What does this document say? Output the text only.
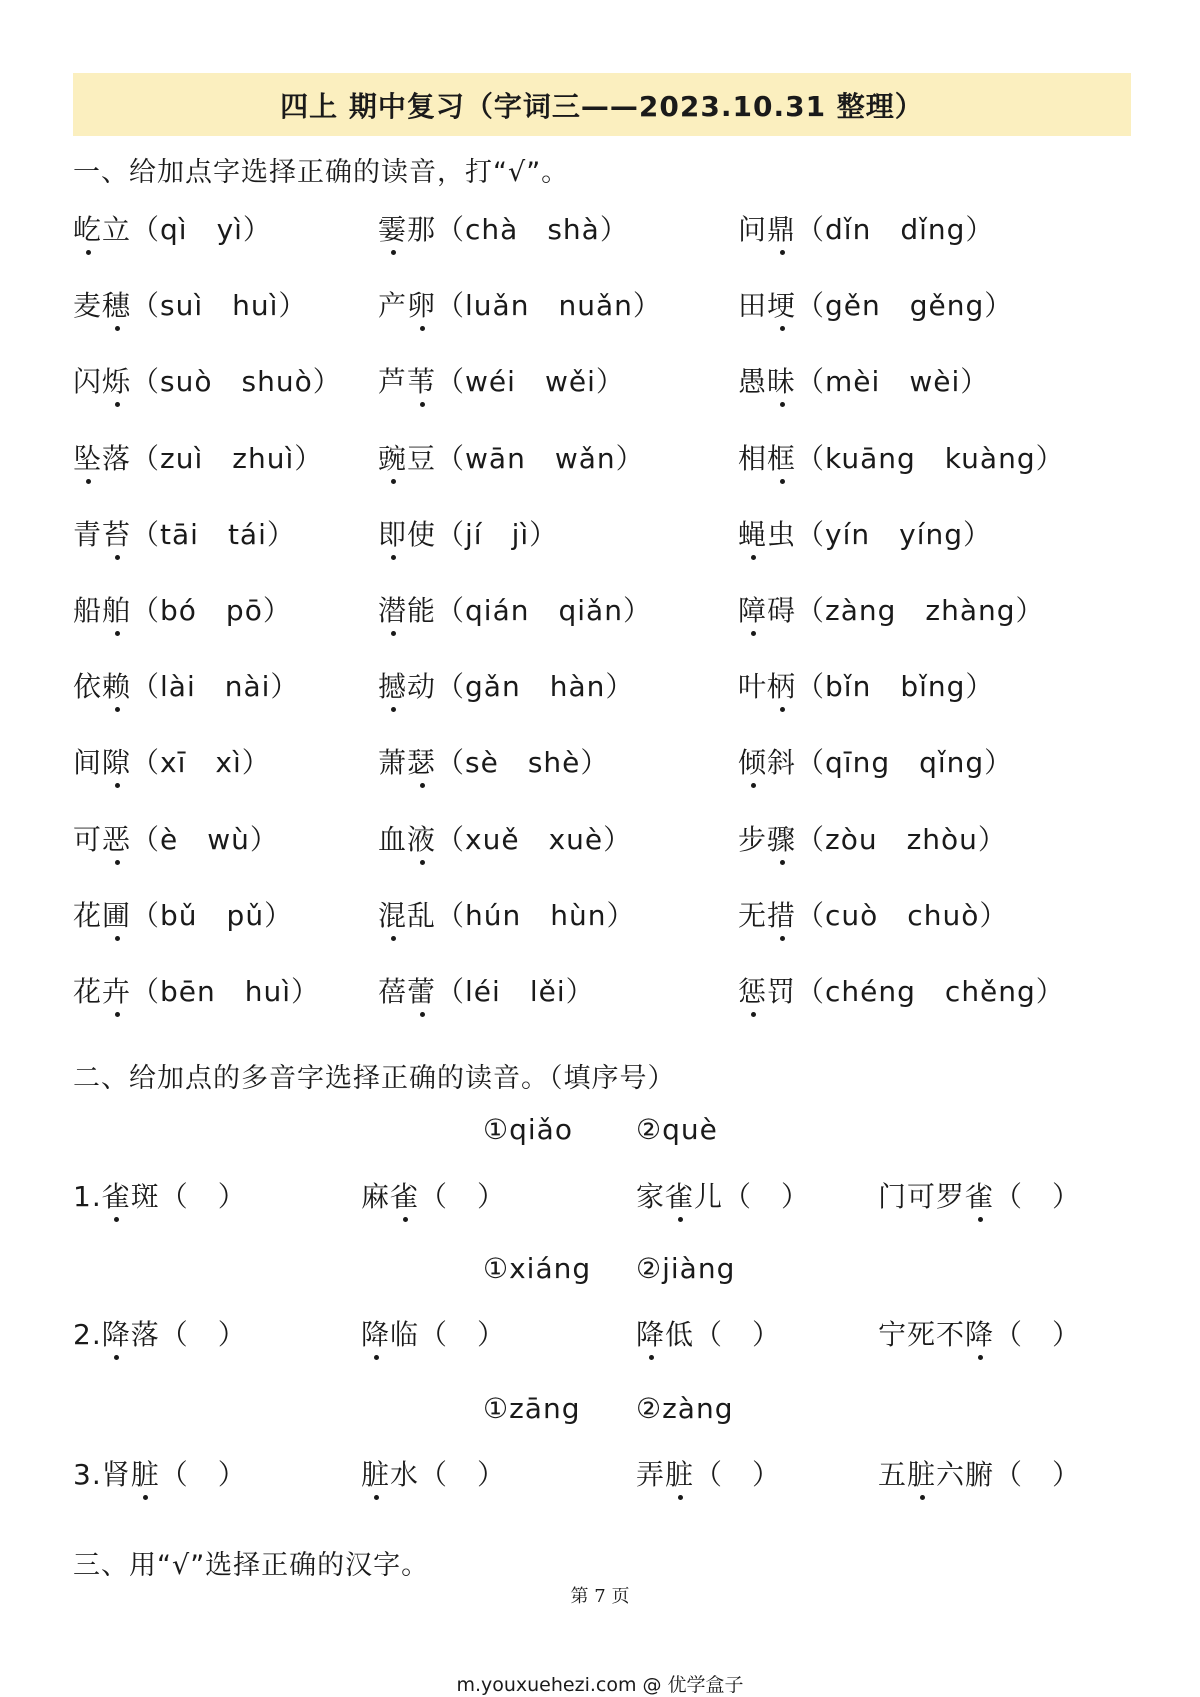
四上 期中复习（字词三——2023.10.31 整理）
一、给加点字选择正确的读音，打“√”。
屹立（qì　yì）	霎那（chà　shà）	问鼎（dǐn　dǐng）
麦穗（suì　huì）	产卵（luǎn　nuǎn）	田埂（gěn　gěng）
闪烁（suò　shuò） 芦苇（wéi　wěi）	愚昧（mèi　wèi）
坠落（zuì　zhuì） 豌豆（wān　wǎn）	相框（kuāng　kuàng）
青苔（tāi　tái）	即使（jí　jì）	蝇虫（yín　yíng）
船舶（bó　pō）	潜能（qián　qiǎn）	障碍（zàng　zhàng）
依赖（lài　nài）	撼动（gǎn　hàn）	叶柄（bǐn　bǐng）
间隙（xī　xì）	萧瑟（sè　shè）	倾斜（qīng　qǐng）
可恶（è　wù）	血液（xuě　xuè）	步骤（zòu　zhòu）
花圃（bǔ　pǔ）	混乱（hún　hùn）	无措（cuò　chuò）
花卉（bēn　huì） 蓓蕾（léi　lěi）	惩罚（chéng　chěng）
二、给加点的多音字选择正确的读音。（填序号）
①qiǎo ②què
1.雀斑（　）	麻雀（　）	家雀儿（　） 门可罗雀（　）
①xiáng ②jiàng
2.降落（　）	降临（　）	降低（　）	宁死不降（　）
①zāng ②zàng
3.肾脏（　）	脏水（　）	弄脏（　）	五脏六腑（　）
三、用“√”选择正确的汉字。
第 7 页
m.youxuehezi.com @ 优学盒子
